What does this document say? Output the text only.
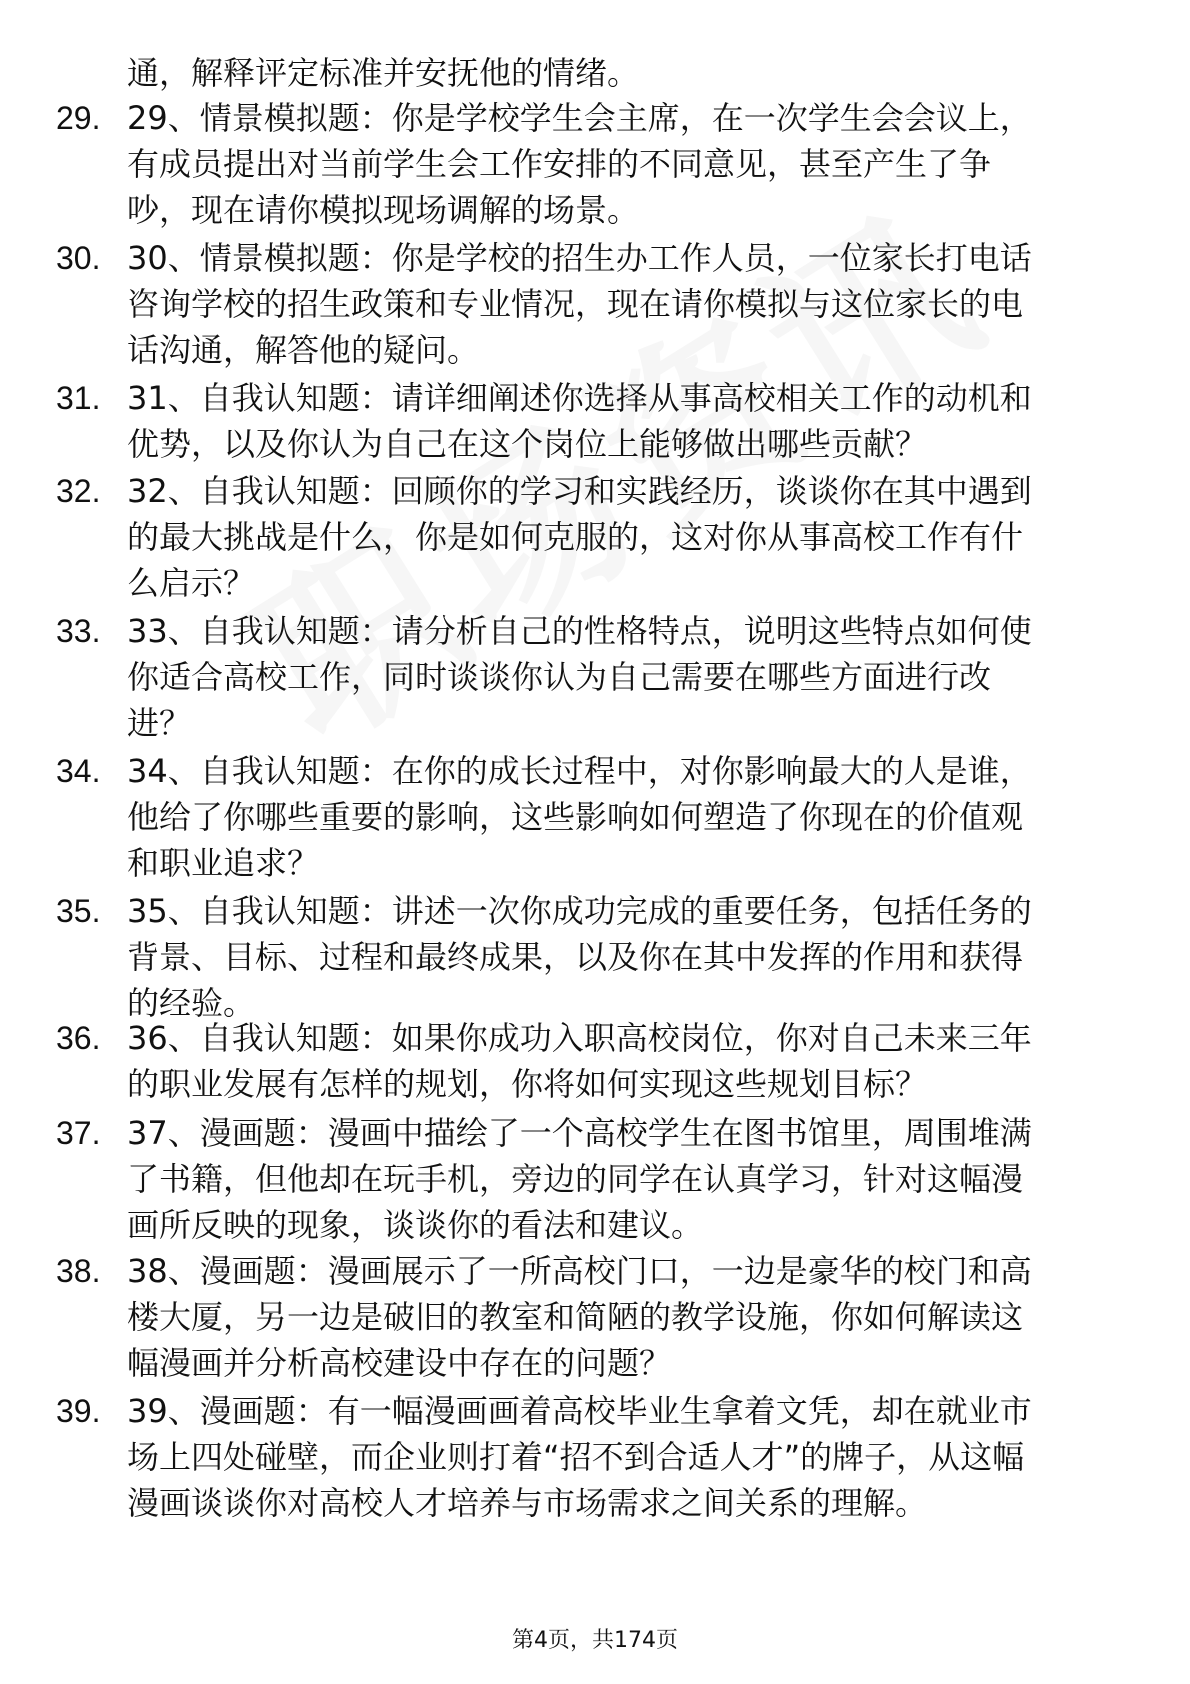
通，解释评定标准并安抚他的情绪。
29. 29、情景模拟题：你是学校学生会主席，在一次学生会会议上，
有成员提出对当前学生会工作安排的不同意见，甚至产生了争
吵，现在请你模拟现场调解的场景。
30. 30、情景模拟题：你是学校的招生办工作人员，一位家长打电话
咨询学校的招生政策和专业情况，现在请你模拟与这位家长的电
话沟通，解答他的疑问。
31. 31、自我认知题：请详细阐述你选择从事高校相关工作的动机和
优势，以及你认为自己在这个岗位上能够做出哪些贡献？
32. 32、自我认知题：回顾你的学习和实践经历，谈谈你在其中遇到
的最大挑战是什么，你是如何克服的，这对你从事高校工作有什
么启示？
33. 33、自我认知题：请分析自己的性格特点，说明这些特点如何使
你适合高校工作，同时谈谈你认为自己需要在哪些方面进行改
进？
34. 34、自我认知题：在你的成长过程中，对你影响最大的人是谁，
他给了你哪些重要的影响，这些影响如何塑造了你现在的价值观
和职业追求？
35. 35、自我认知题：讲述一次你成功完成的重要任务，包括任务的
背景、目标、过程和最终成果，以及你在其中发挥的作用和获得
的经验。
36. 36、自我认知题：如果你成功入职高校岗位，你对自己未来三年
的职业发展有怎样的规划，你将如何实现这些规划目标？
37. 37、漫画题：漫画中描绘了一个高校学生在图书馆里，周围堆满
了书籍，但他却在玩手机，旁边的同学在认真学习，针对这幅漫
画所反映的现象，谈谈你的看法和建议。
38. 38、漫画题：漫画展示了一所高校门口，一边是豪华的校门和高
楼大厦，另一边是破旧的教室和简陋的教学设施，你如何解读这
幅漫画并分析高校建设中存在的问题？
39. 39、漫画题：有一幅漫画画着高校毕业生拿着文凭，却在就业市
场上四处碰壁，而企业则打着“招不到合适人才”的牌子，从这幅
漫画谈谈你对高校人才培养与市场需求之间关系的理解。
第4页，共174页
